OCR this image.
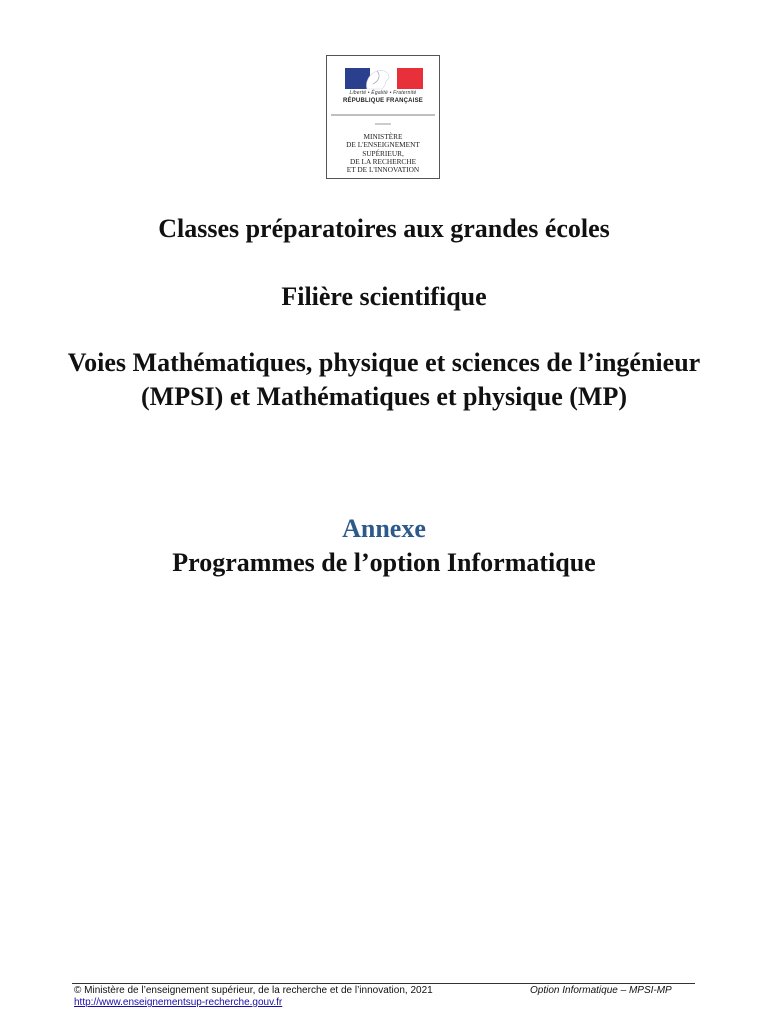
Liberté • Égalité • Fraternité
RÉPUBLIQUE FRANÇAISE
MINISTÈRE
DE L'ENSEIGNEMENT
SUPÉRIEUR,
DE LA RECHERCHE
ET DE L'INNOVATION
Classes préparatoires aux grandes écoles
Filière scientifique
Voies Mathématiques, physique et sciences de l’ingénieur (MPSI) et Mathématiques et physique (MP)
Annexe
Programmes de l’option Informatique
© Ministère de l’enseignement supérieur, de la recherche et de l’innovation, 2021	Option Informatique – MPSI-MP
http://www.enseignementsup-recherche.gouv.fr
